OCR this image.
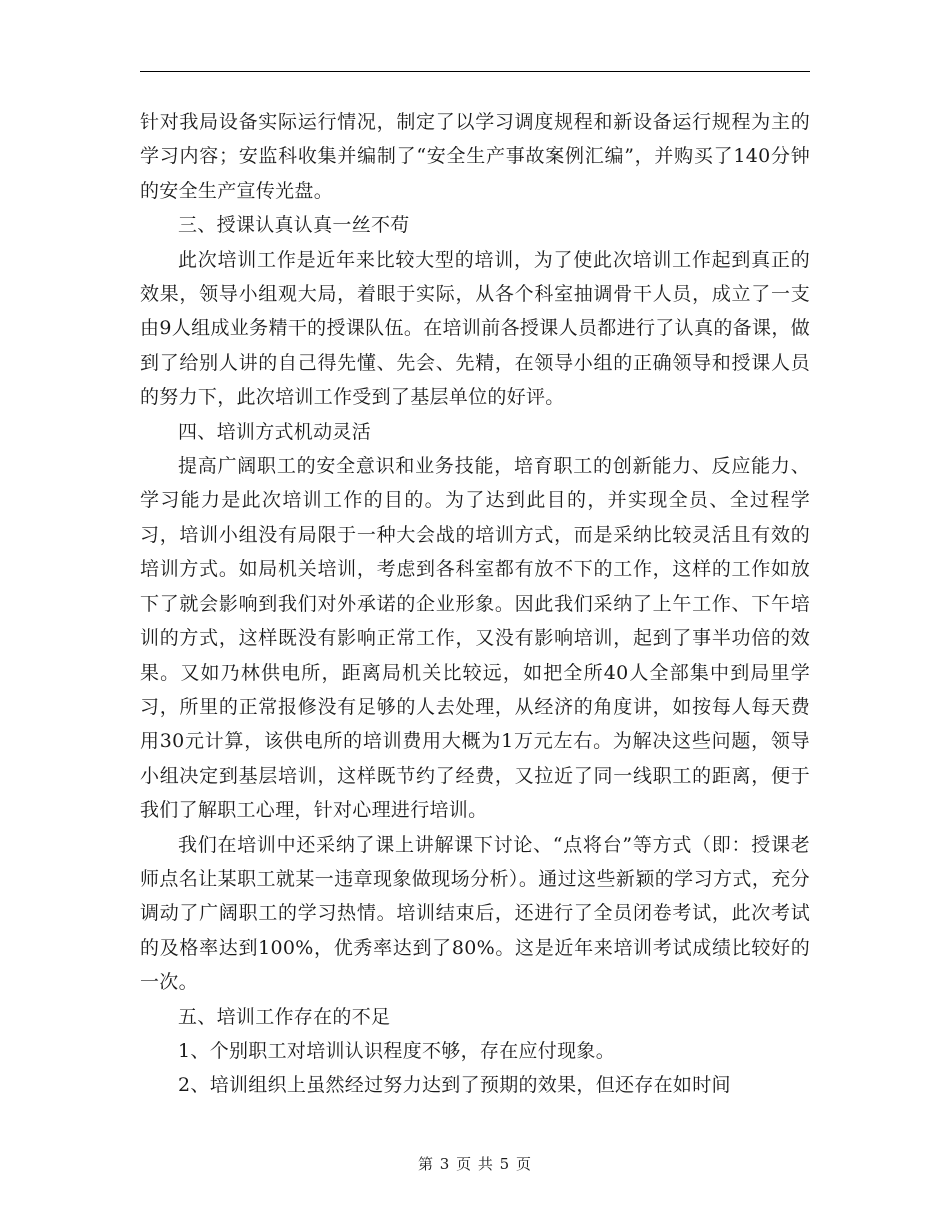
针对我局设备实际运行情况，制定了以学习调度规程和新设备运行规程为主的学习内容；安监科收集并编制了“安全生产事故案例汇编”，并购买了140分钟的安全生产宣传光盘。

三、授课认真认真一丝不苟

此次培训工作是近年来比较大型的培训，为了使此次培训工作起到真正的效果，领导小组观大局，着眼于实际，从各个科室抽调骨干人员，成立了一支由9人组成业务精干的授课队伍。在培训前各授课人员都进行了认真的备课，做到了给别人讲的自己得先懂、先会、先精，在领导小组的正确领导和授课人员的努力下，此次培训工作受到了基层单位的好评。

四、培训方式机动灵活

提高广阔职工的安全意识和业务技能，培育职工的创新能力、反应能力、学习能力是此次培训工作的目的。为了达到此目的，并实现全员、全过程学习，培训小组没有局限于一种大会战的培训方式，而是采纳比较灵活且有效的培训方式。如局机关培训，考虑到各科室都有放不下的工作，这样的工作如放下了就会影响到我们对外承诺的企业形象。因此我们采纳了上午工作、下午培训的方式，这样既没有影响正常工作，又没有影响培训，起到了事半功倍的效果。又如乃林供电所，距离局机关比较远，如把全所40人全部集中到局里学习，所里的正常报修没有足够的人去处理，从经济的角度讲，如按每人每天费用30元计算，该供电所的培训费用大概为1万元左右。为解决这些问题，领导小组决定到基层培训，这样既节约了经费，又拉近了同一线职工的距离，便于我们了解职工心理，针对心理进行培训。

我们在培训中还采纳了课上讲解课下讨论、“点将台”等方式（即：授课老师点名让某职工就某一违章现象做现场分析）。通过这些新颖的学习方式，充分调动了广阔职工的学习热情。培训结束后，还进行了全员闭卷考试，此次考试的及格率达到100%，优秀率达到了80%。这是近年来培训考试成绩比较好的一次。

五、培训工作存在的不足

1、个别职工对培训认识程度不够，存在应付现象。

2、培训组织上虽然经过努力达到了预期的效果，但还存在如时间

第 3 页 共 5 页
